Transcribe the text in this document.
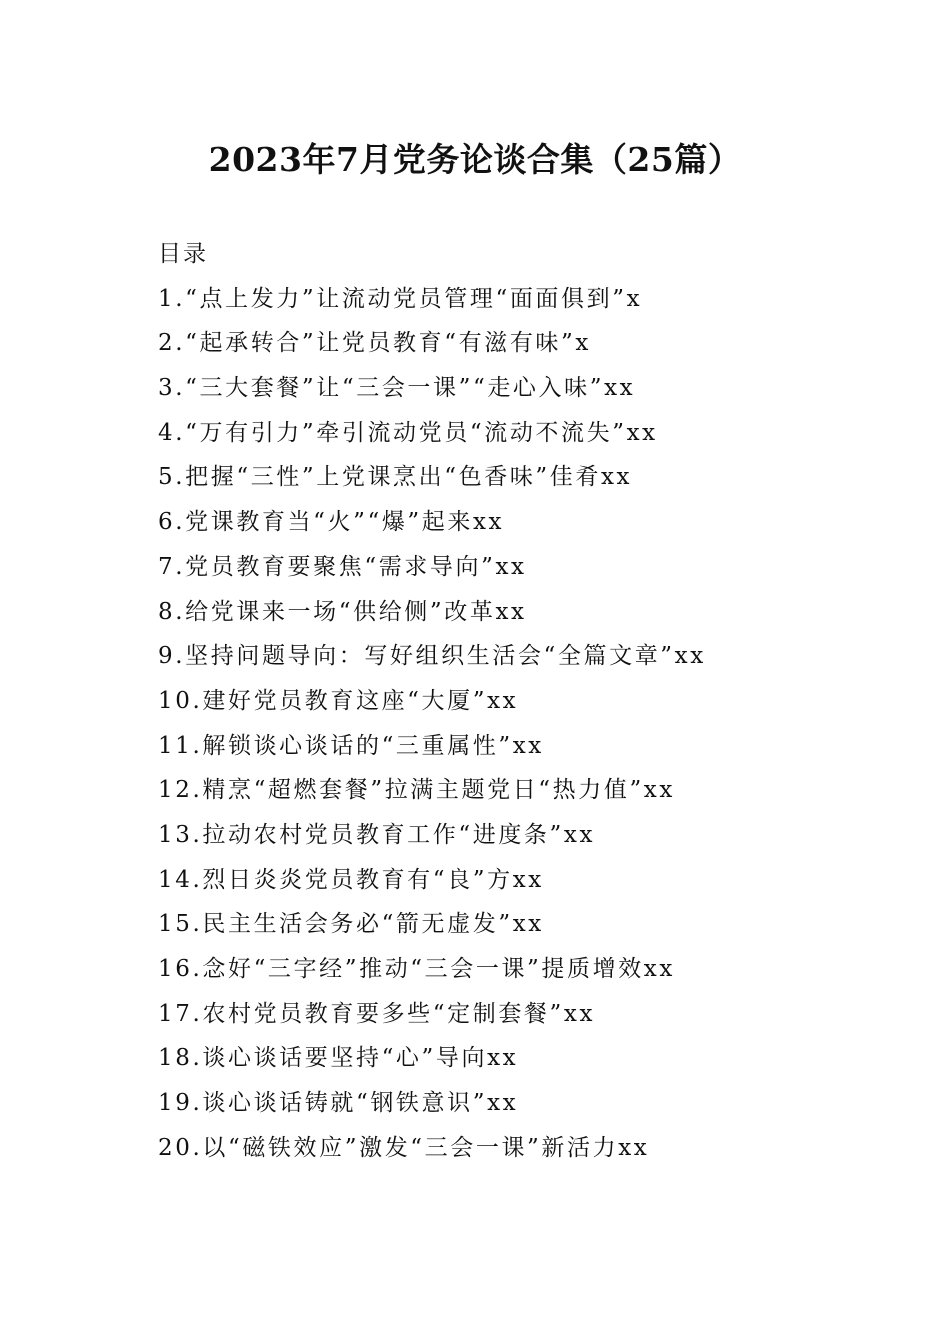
2023年7月党务论谈合集（25篇）
目录
1.“点上发力”让流动党员管理“面面俱到”x
2.“起承转合”让党员教育“有滋有味”x
3.“三大套餐”让“三会一课”“走心入味”xx
4.“万有引力”牵引流动党员“流动不流失”xx
5.把握“三性”上党课烹出“色香味”佳肴xx
6.党课教育当“火”“爆”起来xx
7.党员教育要聚焦“需求导向”xx
8.给党课来一场“供给侧”改革xx
9.坚持问题导向：写好组织生活会“全篇文章”xx
10.建好党员教育这座“大厦”xx
11.解锁谈心谈话的“三重属性”xx
12.精烹“超燃套餐”拉满主题党日“热力值”xx
13.拉动农村党员教育工作“进度条”xx
14.烈日炎炎党员教育有“良”方xx
15.民主生活会务必“箭无虚发”xx
16.念好“三字经”推动“三会一课”提质增效xx
17.农村党员教育要多些“定制套餐”xx
18.谈心谈话要坚持“心”导向xx
19.谈心谈话铸就“钢铁意识”xx
20.以“磁铁效应”激发“三会一课”新活力xx
